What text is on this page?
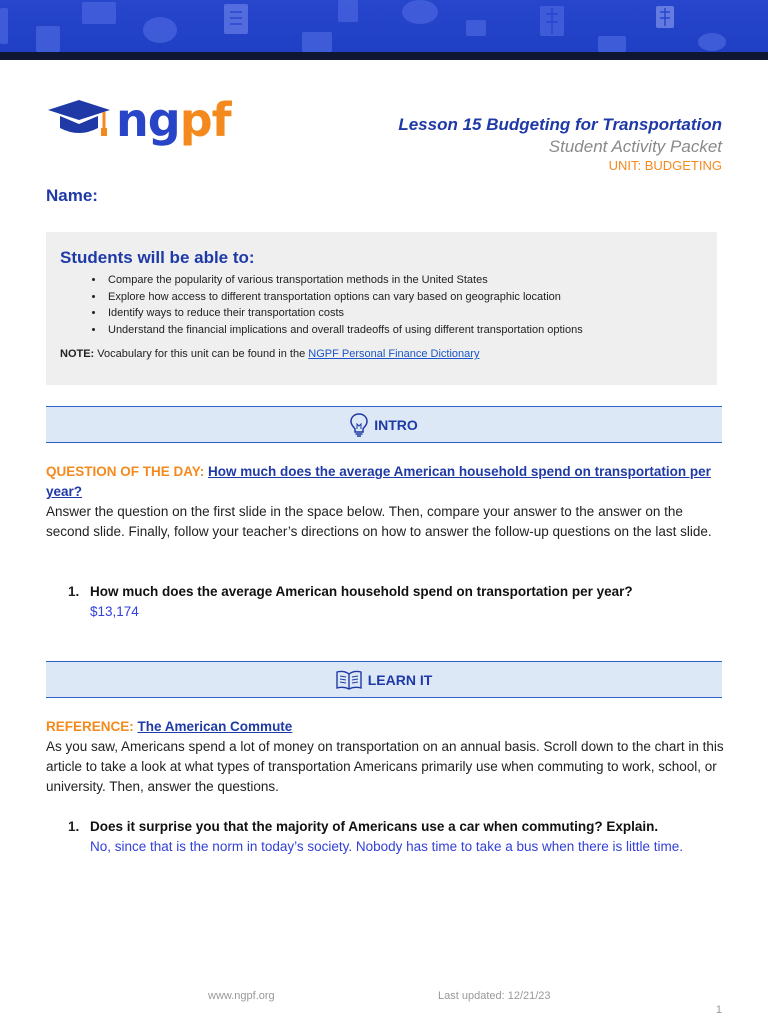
ngpf	Lesson 15 Budgeting for Transportation
Student Activity Packet
UNIT: BUDGETING
Name:
Students will be able to:
• Compare the popularity of various transportation methods in the United States
• Explore how access to different transportation options can vary based on geographic location
• Identify ways to reduce their transportation costs
• Understand the financial implications and overall tradeoffs of using different transportation options
NOTE: Vocabulary for this unit can be found in the NGPF Personal Finance Dictionary
INTRO
QUESTION OF THE DAY: How much does the average American household spend on transportation per year?
Answer the question on the first slide in the space below. Then, compare your answer to the answer on the second slide. Finally, follow your teacher’s directions on how to answer the follow-up questions on the last slide.
1. How much does the average American household spend on transportation per year?
$13,174
LEARN IT
REFERENCE: The American Commute
As you saw, Americans spend a lot of money on transportation on an annual basis. Scroll down to the chart in this article to take a look at what types of transportation Americans primarily use when commuting to work, school, or university. Then, answer the questions.
1. Does it surprise you that the majority of Americans use a car when commuting? Explain.
No, since that is the norm in today’s society. Nobody has time to take a bus when there is little time.
www.ngpf.org	Last updated: 12/21/23
1
